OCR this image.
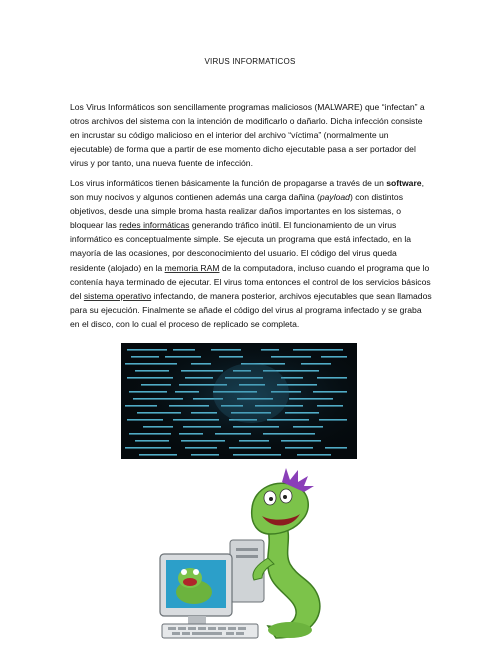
VIRUS INFORMATICOS

Los Virus Informáticos son sencillamente programas maliciosos (MALWARE) que “infectan” a otros archivos del sistema con la intención de modificarlo o dañarlo. Dicha infección consiste en incrustar su código malicioso en el interior del archivo “víctima” (normalmente un ejecutable) de forma que a partir de ese momento dicho ejecutable pasa a ser portador del virus y por tanto, una nueva fuente de infección.

Los virus informáticos tienen básicamente la función de propagarse a través de un software, son muy nocivos y algunos contienen además una carga dañina (payload) con distintos objetivos, desde una simple broma hasta realizar daños importantes en los sistemas, o bloquear las redes informáticas generando tráfico inútil. El funcionamiento de un virus informático es conceptualmente simple. Se ejecuta un programa que está infectado, en la mayoría de las ocasiones, por desconocimiento del usuario. El código del virus queda residente (alojado) en la memoria RAM de la computadora, incluso cuando el programa que lo contenía haya terminado de ejecutar. El virus toma entonces el control de los servicios básicos del sistema operativo infectando, de manera posterior, archivos ejecutables que sean llamados para su ejecución. Finalmente se añade el código del virus al programa infectado y se graba en el disco, con lo cual el proceso de replicado se completa.
